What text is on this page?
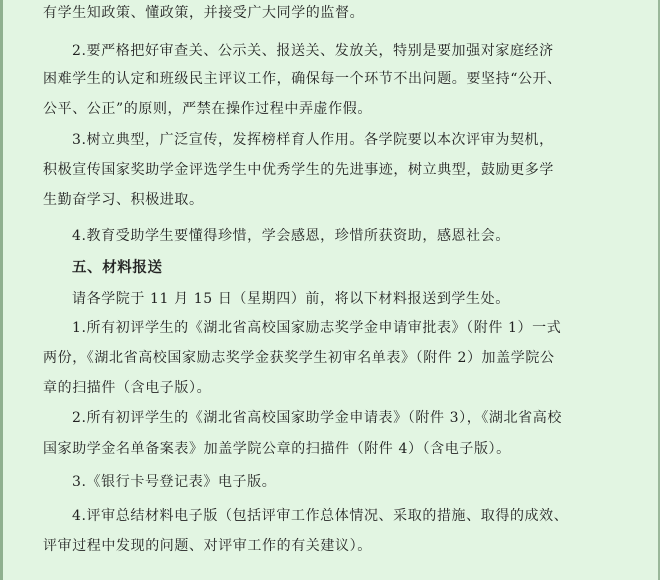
有学生知政策、懂政策，并接受广大同学的监督。
2.要严格把好审查关、公示关、报送关、发放关，特别是要加强对家庭经济
困难学生的认定和班级民主评议工作，确保每一个环节不出问题。要坚持“公开、
公平、公正”的原则，严禁在操作过程中弄虚作假。
3.树立典型，广泛宣传，发挥榜样育人作用。各学院要以本次评审为契机，
积极宣传国家奖助学金评选学生中优秀学生的先进事迹，树立典型，鼓励更多学
生勤奋学习、积极进取。
4.教育受助学生要懂得珍惜，学会感恩，珍惜所获资助，感恩社会。
五、材料报送
请各学院于 11 月 15 日（星期四）前，将以下材料报送到学生处。
1.所有初评学生的《湖北省高校国家励志奖学金申请审批表》（附件 1）一式
两份，《湖北省高校国家励志奖学金获奖学生初审名单表》（附件 2）加盖学院公
章的扫描件（含电子版）。
2.所有初评学生的《湖北省高校国家助学金申请表》（附件 3），《湖北省高校
国家助学金名单备案表》加盖学院公章的扫描件（附件 4）（含电子版）。
3.《银行卡号登记表》电子版。
4.评审总结材料电子版（包括评审工作总体情况、采取的措施、取得的成效、
评审过程中发现的问题、对评审工作的有关建议）。
